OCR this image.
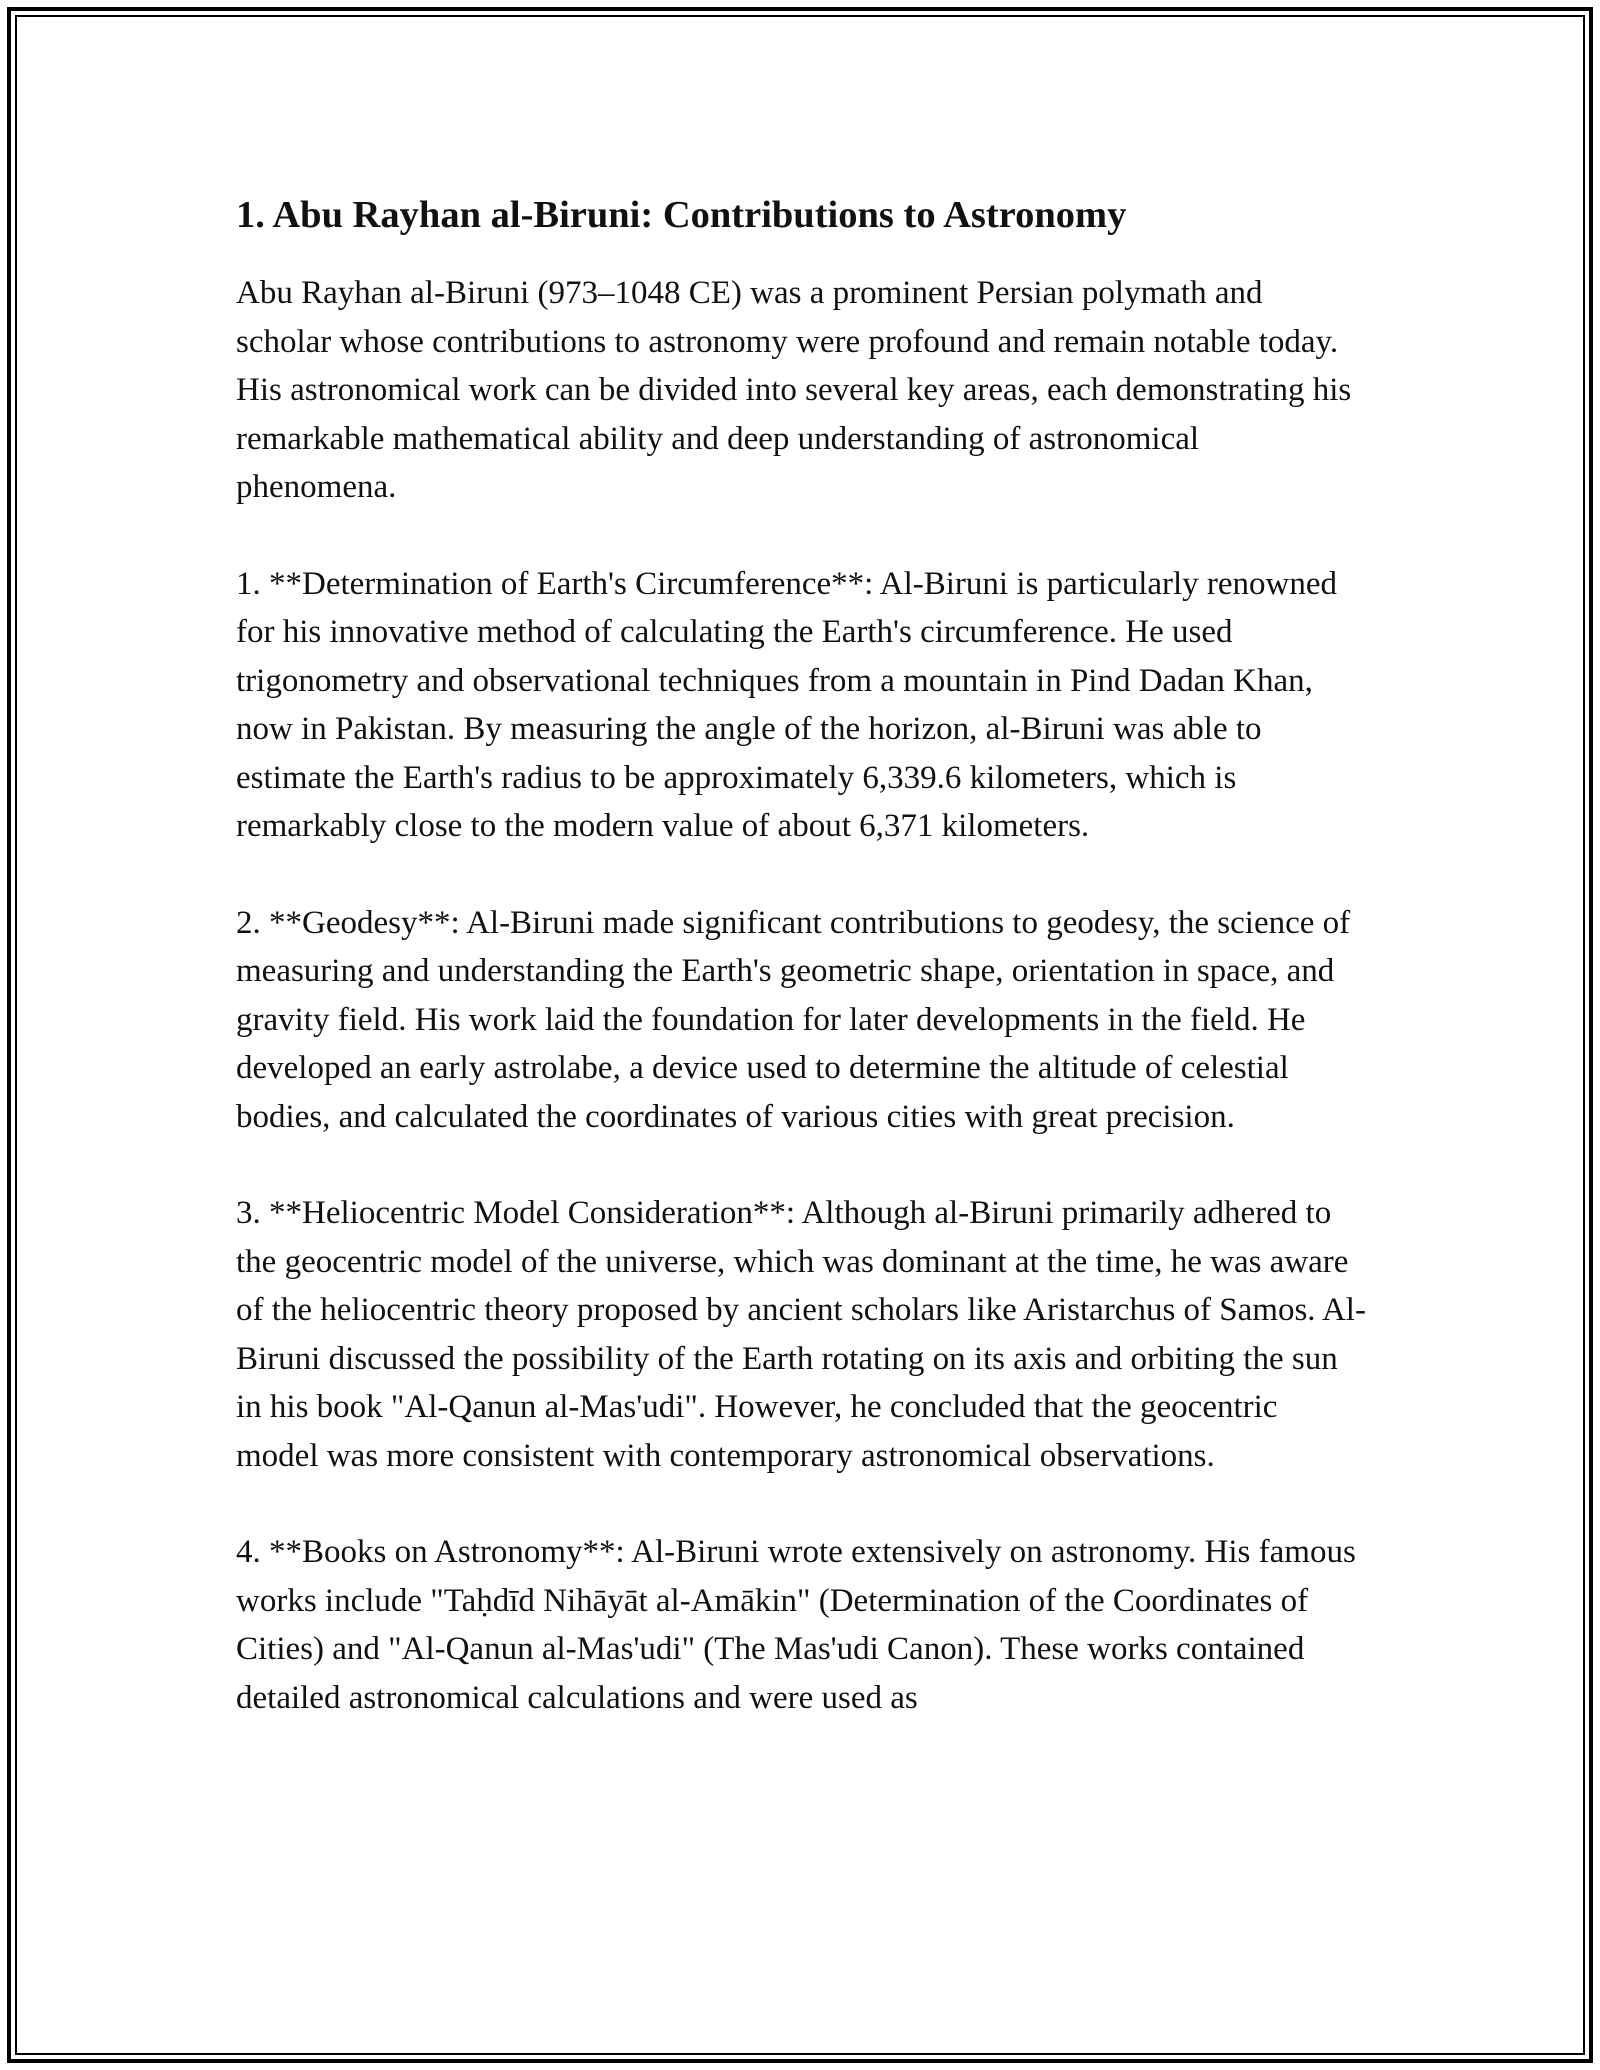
1. Abu Rayhan al-Biruni: Contributions to Astronomy

Abu Rayhan al-Biruni (973–1048 CE) was a prominent Persian polymath and scholar whose contributions to astronomy were profound and remain notable today. His astronomical work can be divided into several key areas, each demonstrating his remarkable mathematical ability and deep understanding of astronomical phenomena.

1. **Determination of Earth's Circumference**: Al-Biruni is particularly renowned for his innovative method of calculating the Earth's circumference. He used trigonometry and observational techniques from a mountain in Pind Dadan Khan, now in Pakistan. By measuring the angle of the horizon, al-Biruni was able to estimate the Earth's radius to be approximately 6,339.6 kilometers, which is remarkably close to the modern value of about 6,371 kilometers.

2. **Geodesy**: Al-Biruni made significant contributions to geodesy, the science of measuring and understanding the Earth's geometric shape, orientation in space, and gravity field. His work laid the foundation for later developments in the field. He developed an early astrolabe, a device used to determine the altitude of celestial bodies, and calculated the coordinates of various cities with great precision.

3. **Heliocentric Model Consideration**: Although al-Biruni primarily adhered to the geocentric model of the universe, which was dominant at the time, he was aware of the heliocentric theory proposed by ancient scholars like Aristarchus of Samos. Al-Biruni discussed the possibility of the Earth rotating on its axis and orbiting the sun in his book "Al-Qanun al-Mas'udi". However, he concluded that the geocentric model was more consistent with contemporary astronomical observations.

4. **Books on Astronomy**: Al-Biruni wrote extensively on astronomy. His famous works include "Taḥdīd Nihāyāt al-Amākin" (Determination of the Coordinates of Cities) and "Al-Qanun al-Mas'udi" (The Mas'udi Canon). These works contained detailed astronomical calculations and were used as
